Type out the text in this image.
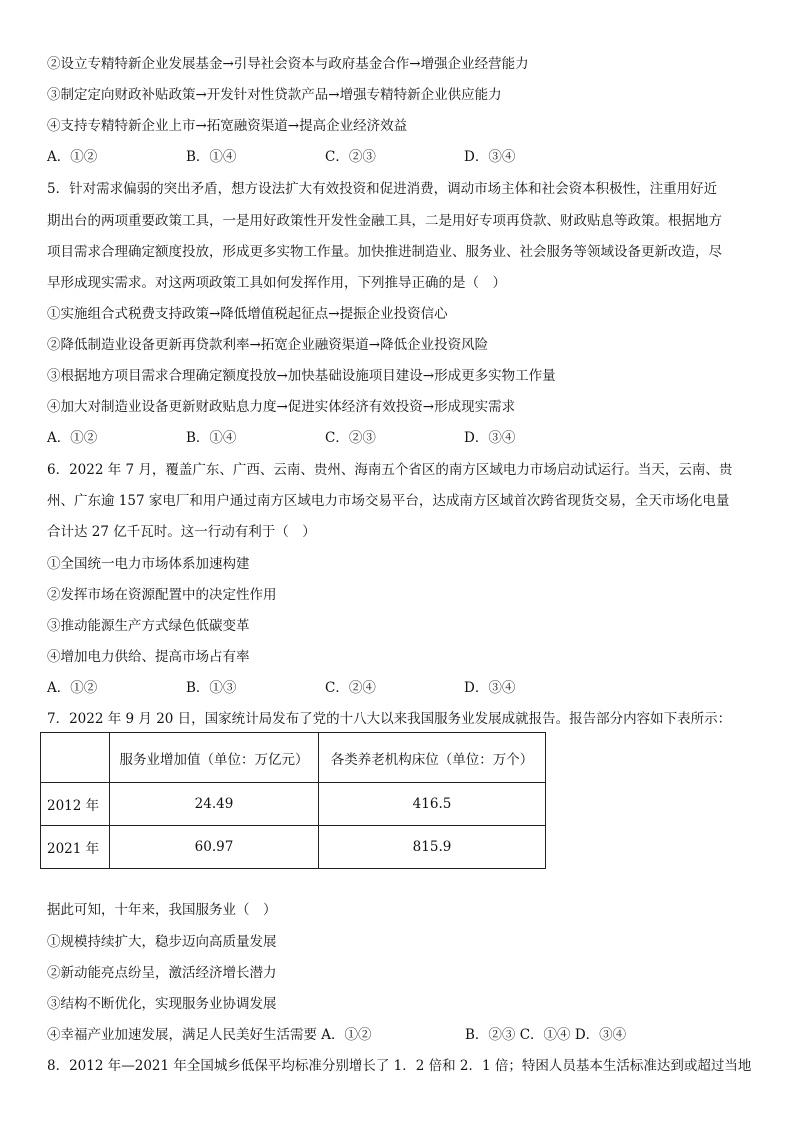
②设立专精特新企业发展基金→引导社会资本与政府基金合作→增强企业经营能力
③制定定向财政补贴政策→开发针对性贷款产品→增强专精特新企业供应能力
④支持专精特新企业上市→拓宽融资渠道→提高企业经济效益
A．①②	B．①④	C．②③	D．③④
5．针对需求偏弱的突出矛盾，想方设法扩大有效投资和促进消费，调动市场主体和社会资本积极性，注重用好近
期出台的两项重要政策工具，一是用好政策性开发性金融工具，二是用好专项再贷款、财政贴息等政策。根据地方
项目需求合理确定额度投放，形成更多实物工作量。加快推进制造业、服务业、社会服务等领域设备更新改造，尽
早形成现实需求。对这两项政策工具如何发挥作用，下列推导正确的是（　）
①实施组合式税费支持政策→降低增值税起征点→提振企业投资信心
②降低制造业设备更新再贷款利率→拓宽企业融资渠道→降低企业投资风险
③根据地方项目需求合理确定额度投放→加快基础设施项目建设→形成更多实物工作量
④加大对制造业设备更新财政贴息力度→促进实体经济有效投资→形成现实需求
A．①②	B．①④	C．②③	D．③④
6．2022 年 7 月，覆盖广东、广西、云南、贵州、海南五个省区的南方区域电力市场启动试运行。当天，云南、贵
州、广东逾 157 家电厂和用户通过南方区域电力市场交易平台，达成南方区域首次跨省现货交易，全天市场化电量
合计达 27 亿千瓦时。这一行动有利于（　）
①全国统一电力市场体系加速构建
②发挥市场在资源配置中的决定性作用
③推动能源生产方式绿色低碳变革
④增加电力供给、提高市场占有率
A．①②	B．①③	C．②④	D．③④
7．2022 年 9 月 20 日，国家统计局发布了党的十八大以来我国服务业发展成就报告。报告部分内容如下表所示：
	服务业增加值（单位：万亿元）	各类养老机构床位（单位：万个）
2012 年	24.49	416.5
2021 年	60.97	815.9
据此可知，十年来，我国服务业（　）
①规模持续扩大，稳步迈向高质量发展
②新动能亮点纷呈，激活经济增长潜力
③结构不断优化，实现服务业协调发展
④幸福产业加速发展，满足人民美好生活需要 A．①②	B．②③ C．①④ D．③④
8．2012 年—2021 年全国城乡低保平均标准分别增长了 1．2 倍和 2．1 倍；特困人员基本生活标准达到或超过当地
